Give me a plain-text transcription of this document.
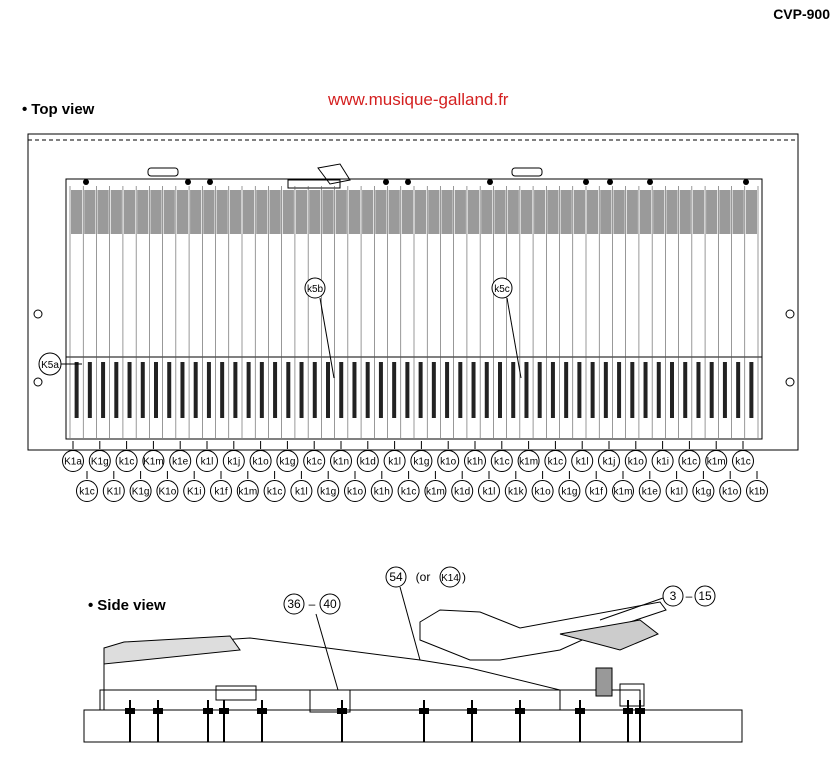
CVP-900
www.musique-galland.fr
• Top view
• Side view
K1a K1g k1c K1m k1e k1l k1j k1o k1g k1c k1n k1d k1l k1g k1o k1h k1c k1m k1c k1l k1j k1o k1i k1c k1m k1c
k1c K1l K1g K1o K1i k1f k1m k1c k1l k1g k1o k1h k1c k1m k1d k1l k1k k1o k1g k1f k1m k1e k1l k1g k1o k1b
K5a
k5b	k5c
36 – 40
54 (or K14 )
3 – 15
